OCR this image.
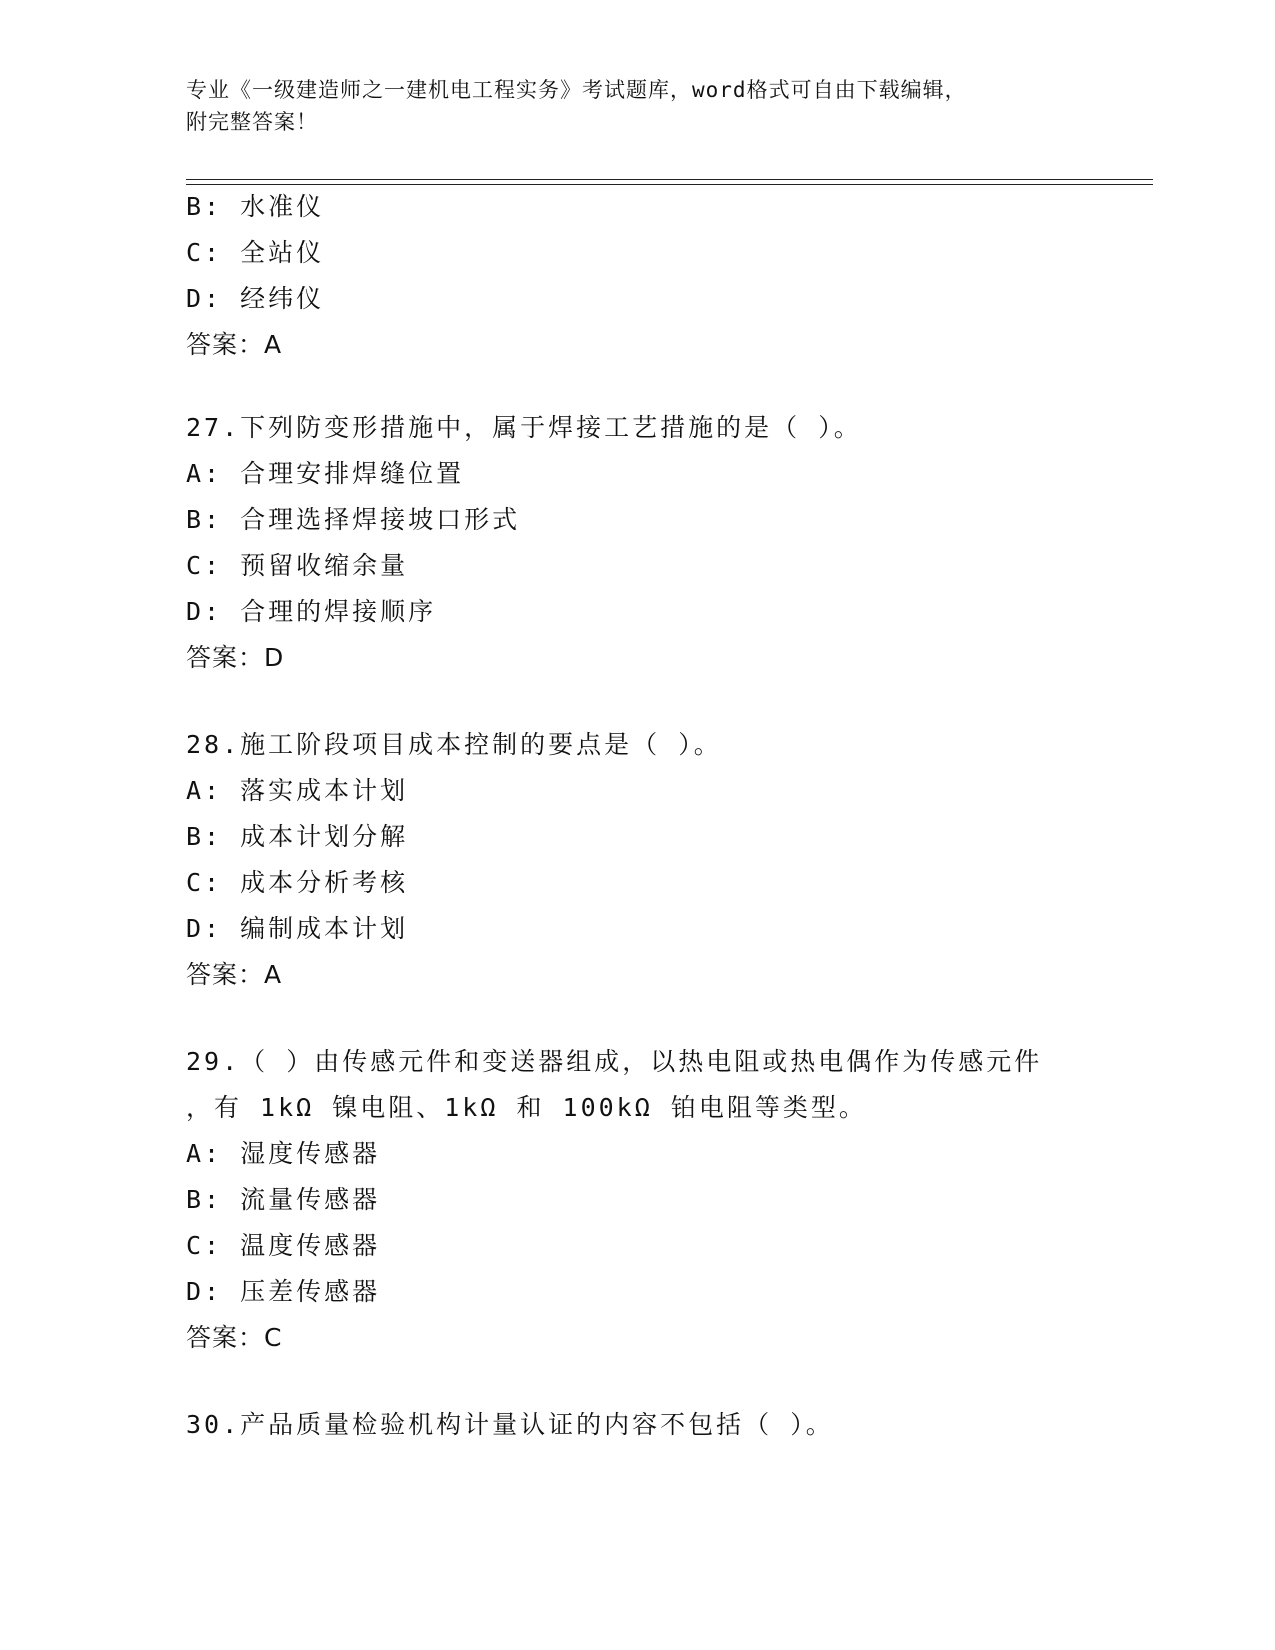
专业《一级建造师之一建机电工程实务》考试题库，word格式可自由下载编辑，
附完整答案！
B: 水准仪
C: 全站仪
D: 经纬仪
答案：A
27.下列防变形措施中，属于焊接工艺措施的是（ ）。
A: 合理安排焊缝位置
B: 合理选择焊接坡口形式
C: 预留收缩余量
D: 合理的焊接顺序
答案：D
28.施工阶段项目成本控制的要点是（ ）。
A: 落实成本计划
B: 成本计划分解
C: 成本分析考核
D: 编制成本计划
答案：A
29.（ ）由传感元件和变送器组成，以热电阻或热电偶作为传感元件
，有 1kΩ 镍电阻、1kΩ 和 100kΩ 铂电阻等类型。
A: 湿度传感器
B: 流量传感器
C: 温度传感器
D: 压差传感器
答案：C
30.产品质量检验机构计量认证的内容不包括（ ）。
